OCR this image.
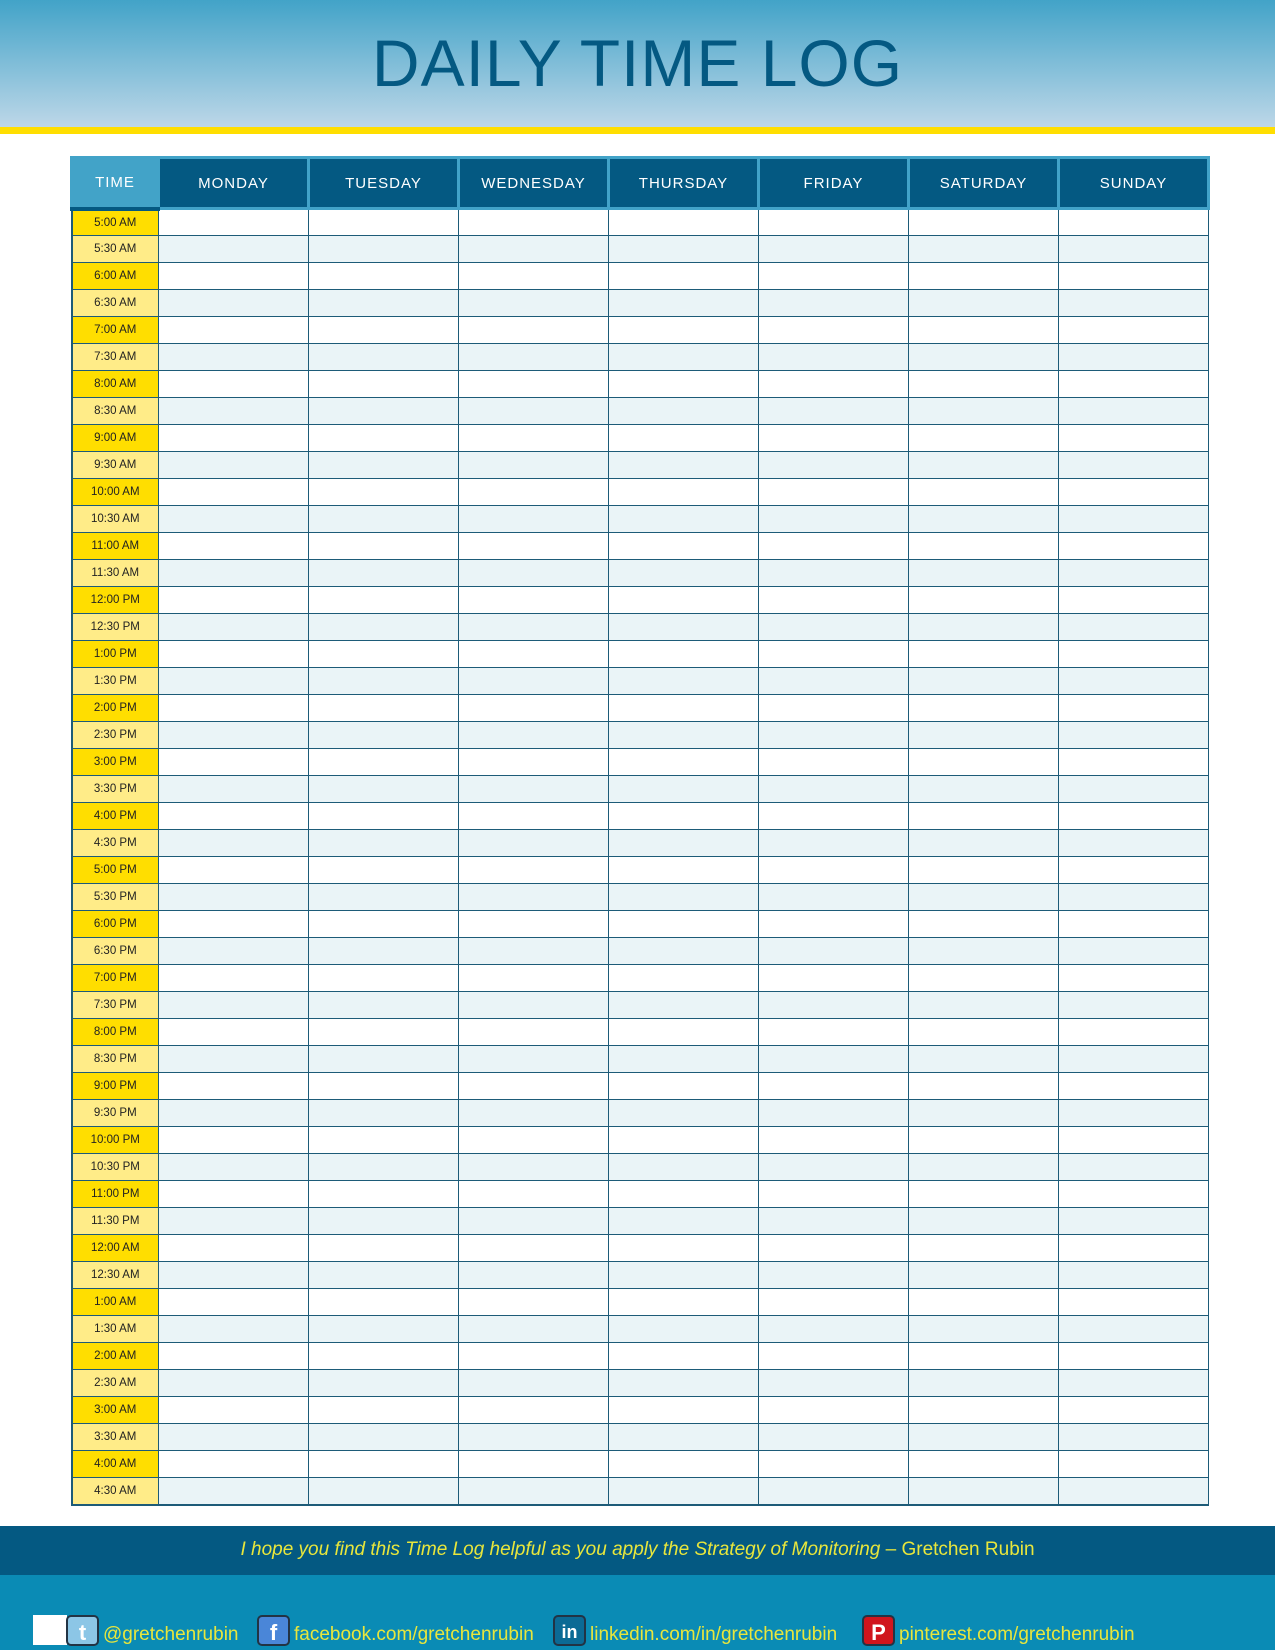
DAILY TIME LOG
TIME	MONDAY	TUESDAY	WEDNESDAY	THURSDAY	FRIDAY	SATURDAY	SUNDAY
5:00 AM							
5:30 AM							
6:00 AM							
6:30 AM							
7:00 AM							
7:30 AM							
8:00 AM							
8:30 AM							
9:00 AM							
9:30 AM							
10:00 AM							
10:30 AM							
11:00 AM							
11:30 AM							
12:00 PM							
12:30 PM							
1:00 PM							
1:30 PM							
2:00 PM							
2:30 PM							
3:00 PM							
3:30 PM							
4:00 PM							
4:30 PM							
5:00 PM							
5:30 PM							
6:00 PM							
6:30 PM							
7:00 PM							
7:30 PM							
8:00 PM							
8:30 PM							
9:00 PM							
9:30 PM							
10:00 PM							
10:30 PM							
11:00 PM							
11:30 PM							
12:00 AM							
12:30 AM							
1:00 AM							
1:30 AM							
2:00 AM							
2:30 AM							
3:00 AM							
3:30 AM							
4:00 AM							
4:30 AM							
I hope you find this Time Log helpful as you apply the Strategy of Monitoring – Gretchen Rubin
t @gretchenrubin	f facebook.com/gretchenrubin	in linkedin.com/in/gretchenrubin	P pinterest.com/gretchenrubin
